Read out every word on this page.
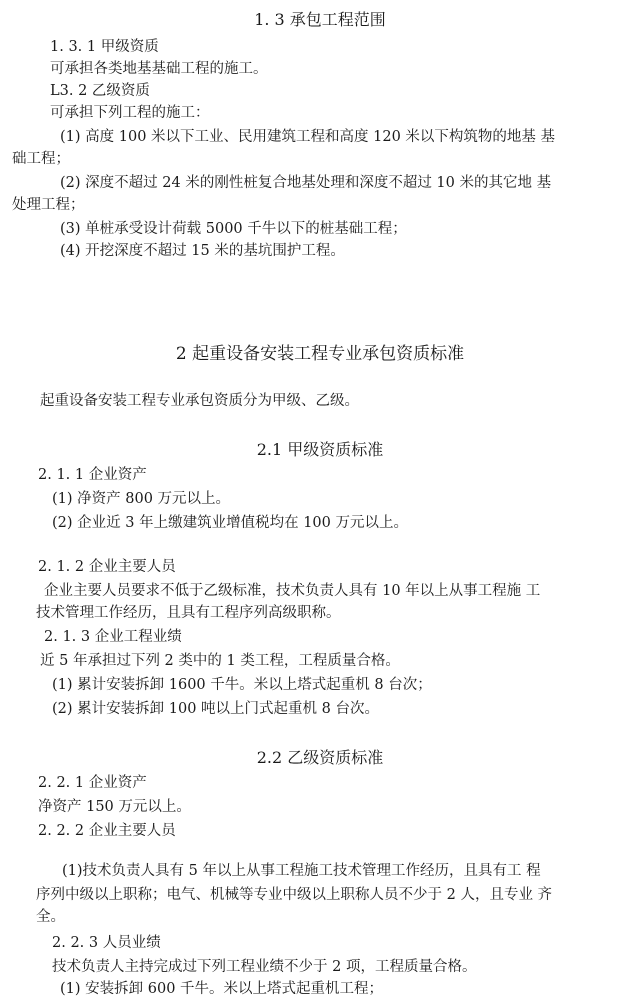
1. 3 承包工程范围
1. 3. 1 甲级资质
可承担各类地基基础工程的施工。
L3. 2 乙级资质
可承担下列工程的施工：
(1) 高度 100 米以下工业、民用建筑工程和高度 120 米以下构筑物的地基 基
础工程；
(2) 深度不超过 24 米的刚性桩复合地基处理和深度不超过 10 米的其它地 基
处理工程；
(3) 单桩承受设计荷载 5000 千牛以下的桩基础工程；
(4) 开挖深度不超过 15 米的基坑围护工程。
2 起重设备安装工程专业承包资质标准
起重设备安装工程专业承包资质分为甲级、乙级。
2.1 甲级资质标准
2. 1. 1 企业资产
(1) 净资产 800 万元以上。
(2) 企业近 3 年上缴建筑业增值税均在 100 万元以上。
2. 1. 2 企业主要人员
企业主要人员要求不低于乙级标准，技术负责人具有 10 年以上从事工程施 工
技术管理工作经历，且具有工程序列高级职称。
2. 1. 3 企业工程业绩
近 5 年承担过下列 2 类中的 1 类工程，工程质量合格。
(1) 累计安装拆卸 1600 千牛。米以上塔式起重机 8 台次；
(2) 累计安装拆卸 100 吨以上门式起重机 8 台次。
2.2 乙级资质标准
2. 2. 1 企业资产
净资产 150 万元以上。
2. 2. 2 企业主要人员
(1)技术负责人具有 5 年以上从事工程施工技术管理工作经历，且具有工 程
序列中级以上职称；电气、机械等专业中级以上职称人员不少于 2 人，且专业 齐
全。
2. 2. 3 人员业绩
技术负责人主持完成过下列工程业绩不少于 2 项，工程质量合格。
(1) 安装拆卸 600 千牛。米以上塔式起重机工程；
